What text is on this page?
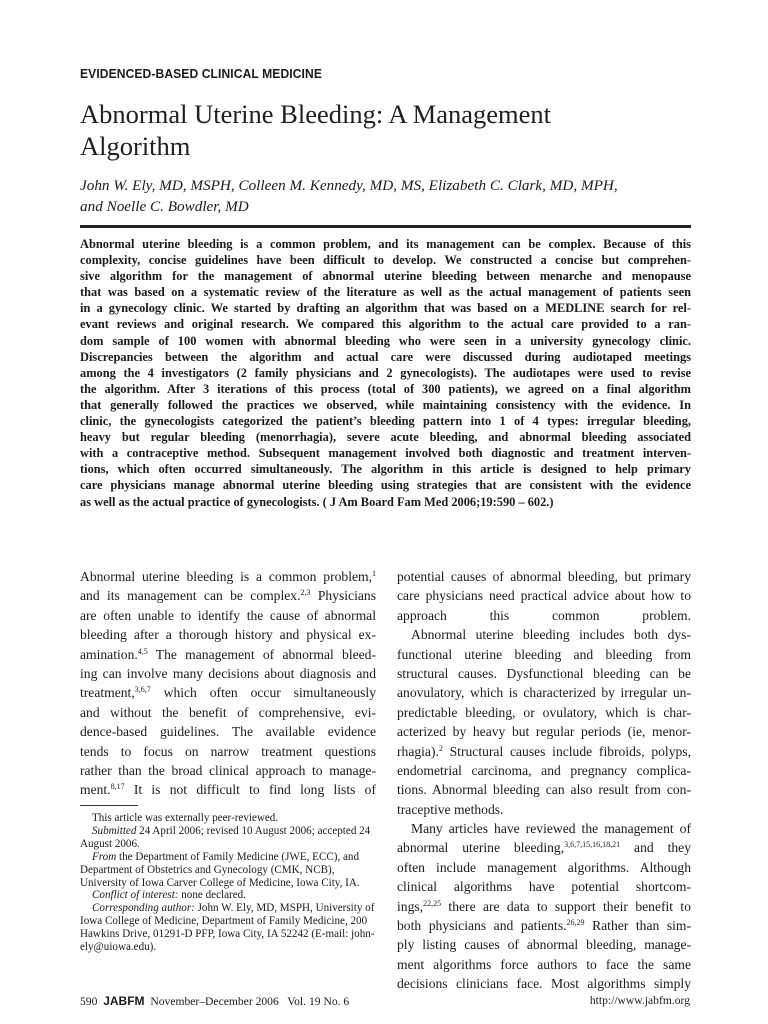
EVIDENCED-BASED CLINICAL MEDICINE
Abnormal Uterine Bleeding: A Management
Algorithm
John W. Ely, MD, MSPH, Colleen M. Kennedy, MD, MS, Elizabeth C. Clark, MD, MPH,
and Noelle C. Bowdler, MD
Abnormal uterine bleeding is a common problem, and its management can be complex. Because of this
complexity, concise guidelines have been difficult to develop. We constructed a concise but comprehen-
sive algorithm for the management of abnormal uterine bleeding between menarche and menopause
that was based on a systematic review of the literature as well as the actual management of patients seen
in a gynecology clinic. We started by drafting an algorithm that was based on a MEDLINE search for rel-
evant reviews and original research. We compared this algorithm to the actual care provided to a ran-
dom sample of 100 women with abnormal bleeding who were seen in a university gynecology clinic.
Discrepancies between the algorithm and actual care were discussed during audiotaped meetings
among the 4 investigators (2 family physicians and 2 gynecologists). The audiotapes were used to revise
the algorithm. After 3 iterations of this process (total of 300 patients), we agreed on a final algorithm
that generally followed the practices we observed, while maintaining consistency with the evidence. In
clinic, the gynecologists categorized the patient’s bleeding pattern into 1 of 4 types: irregular bleeding,
heavy but regular bleeding (menorrhagia), severe acute bleeding, and abnormal bleeding associated
with a contraceptive method. Subsequent management involved both diagnostic and treatment interven-
tions, which often occurred simultaneously. The algorithm in this article is designed to help primary
care physicians manage abnormal uterine bleeding using strategies that are consistent with the evidence
as well as the actual practice of gynecologists. ( J Am Board Fam Med 2006;19:590 – 602.)
Abnormal uterine bleeding is a common problem,$^1$
and its management can be complex.$^{2,3}$ Physicians
are often unable to identify the cause of abnormal
bleeding after a thorough history and physical ex-
amination.$^{4,5}$ The management of abnormal bleed-
ing can involve many decisions about diagnosis and
treatment,$^{3,6,7}$ which often occur simultaneously
and without the benefit of comprehensive, evi-
dence-based guidelines. The available evidence
tends to focus on narrow treatment questions
rather than the broad clinical approach to manage-
ment.$^{8,17}$ It is not difficult to find long lists of
potential causes of abnormal bleeding, but primary
care physicians need practical advice about how to
approach this common problem.
Abnormal uterine bleeding includes both dys-
functional uterine bleeding and bleeding from
structural causes. Dysfunctional bleeding can be
anovulatory, which is characterized by irregular un-
predictable bleeding, or ovulatory, which is char-
acterized by heavy but regular periods (ie, menor-
rhagia).$^2$ Structural causes include fibroids, polyps,
endometrial carcinoma, and pregnancy complica-
tions. Abnormal bleeding can also result from con-
traceptive methods.
Many articles have reviewed the management of
abnormal uterine bleeding,$^{3,6,7,15,16,18,21}$ and they
often include management algorithms. Although
clinical algorithms have potential shortcom-
ings,$^{22,25}$ there are data to support their benefit to
both physicians and patients.$^{26,29}$ Rather than sim-
ply listing causes of abnormal bleeding, manage-
ment algorithms force authors to face the same
decisions clinicians face. Most algorithms simply

This article was externally peer-reviewed.

Submitted 24 April 2006; revised 10 August 2006; accepted 24 August 2006.

From the Department of Family Medicine (JWE, ECC), and Department of Obstetrics and Gynecology (CMK, NCB), University of Iowa Carver College of Medicine, Iowa City, IA.

Conflict of interest: none declared.

Corresponding author: John W. Ely, MD, MSPH, University of Iowa College of Medicine, Department of Family Medicine, 200 Hawkins Drive, 01291-D PFP, Iowa City, IA 52242 (E-mail: john-ely@uiowa.edu).

590 JABFM November–December 2006   Vol. 19 No. 6	http://www.jabfm.org
